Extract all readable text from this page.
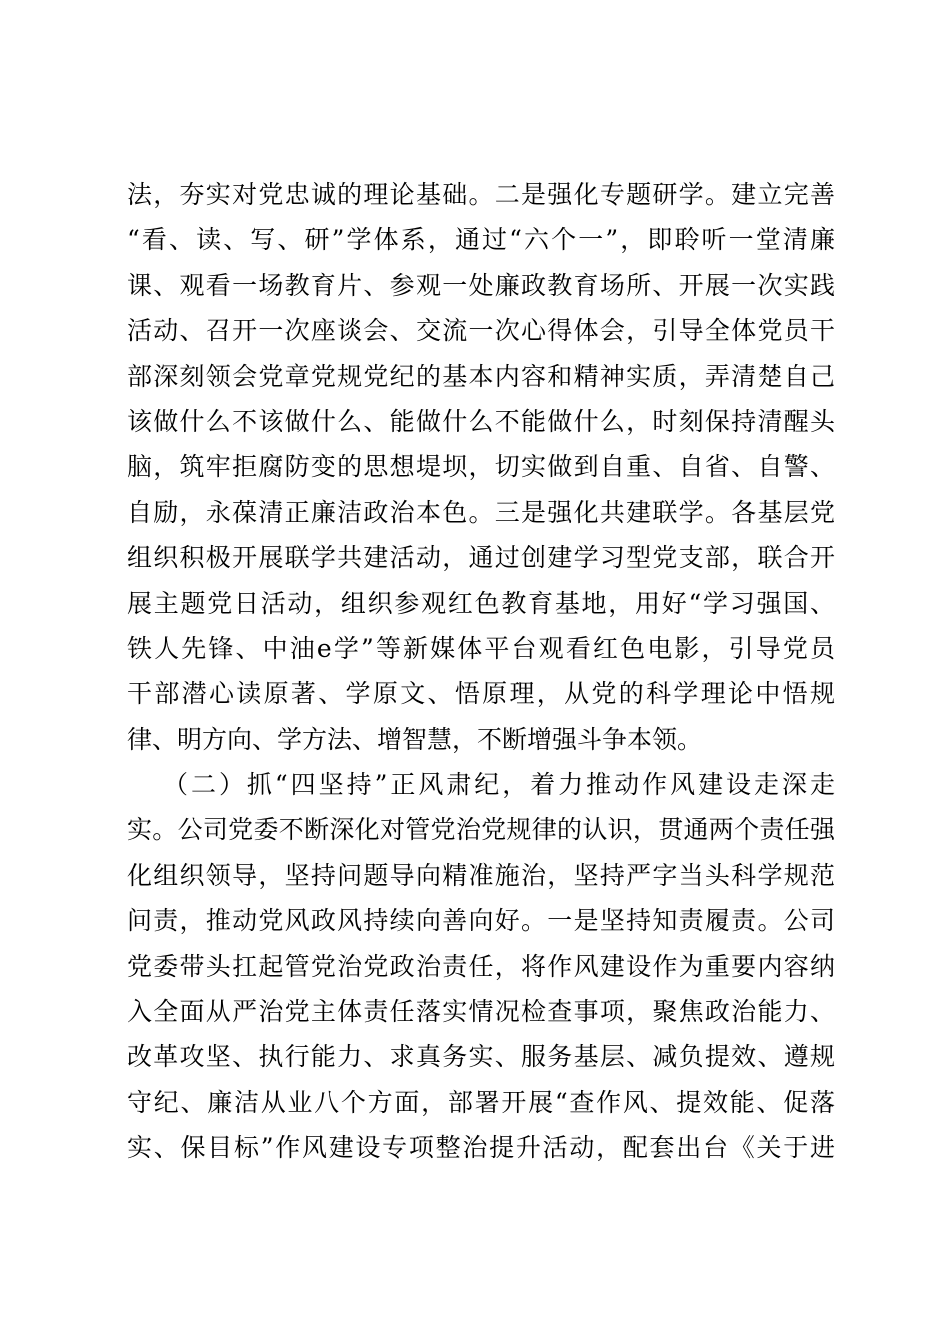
法，夯实对党忠诚的理论基础。二是强化专题研学。建立完善
“看、读、写、研”学体系，通过“六个一”，即聆听一堂清廉
课、观看一场教育片、参观一处廉政教育场所、开展一次实践
活动、召开一次座谈会、交流一次心得体会，引导全体党员干
部深刻领会党章党规党纪的基本内容和精神实质，弄清楚自己
该做什么不该做什么、能做什么不能做什么，时刻保持清醒头
脑，筑牢拒腐防变的思想堤坝，切实做到自重、自省、自警、
自励，永葆清正廉洁政治本色。三是强化共建联学。各基层党
组织积极开展联学共建活动，通过创建学习型党支部，联合开
展主题党日活动，组织参观红色教育基地，用好“学习强国、
铁人先锋、中油e学”等新媒体平台观看红色电影，引导党员
干部潜心读原著、学原文、悟原理，从党的科学理论中悟规
律、明方向、学方法、增智慧，不断增强斗争本领。
（二）抓“四坚持”正风肃纪，着力推动作风建设走深走
实。公司党委不断深化对管党治党规律的认识，贯通两个责任强
化组织领导，坚持问题导向精准施治，坚持严字当头科学规范
问责，推动党风政风持续向善向好。一是坚持知责履责。公司
党委带头扛起管党治党政治责任，将作风建设作为重要内容纳
入全面从严治党主体责任落实情况检查事项，聚焦政治能力、
改革攻坚、执行能力、求真务实、服务基层、减负提效、遵规
守纪、廉洁从业八个方面，部署开展“查作风、提效能、促落
实、保目标”作风建设专项整治提升活动，配套出台《关于进
